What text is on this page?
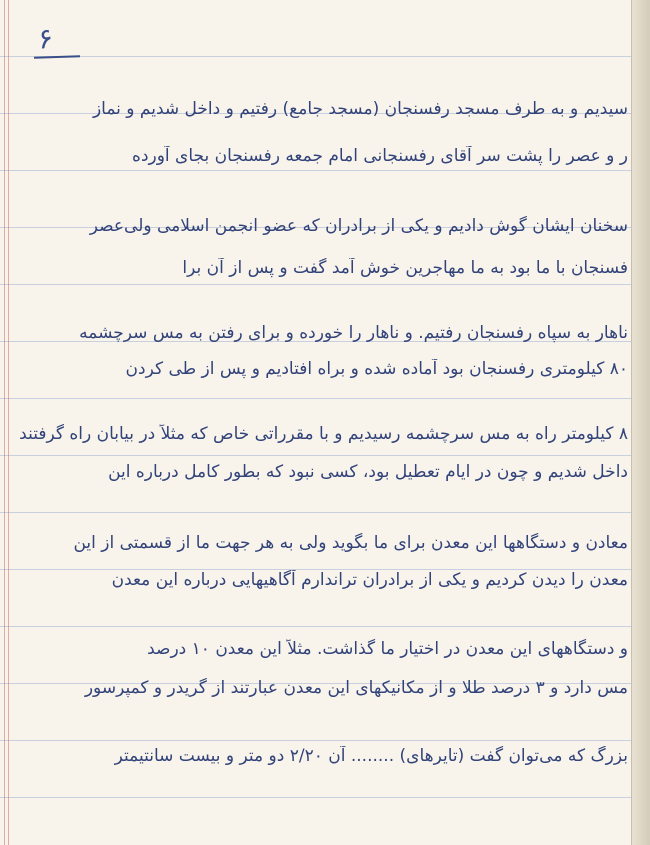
۶
سیدیم و به طرف مسجد رفسنجان (مسجد جامع) رفتیم و داخل شدیم و نماز
ر و عصر را پشت سر آقای رفسنجانی امام جمعه رفسنجان بجای آورده
سخنان ایشان گوش دادیم و یکی از برادران که عضو انجمن اسلامی ولی‌عصر
فسنجان با ما بود به ما مهاجرین خوش آمد گفت و پس از آن برا
ناهار به سپاه رفسنجان رفتیم. و ناهار را خورده و برای رفتن به مس سرچشمه
۸۰ کیلومتری رفسنجان بود آماده شده و براه افتادیم و پس از طی کردن
۸ کیلومتر راه به مس سرچشمه رسیدیم و با مقرراتی خاص که مثلاً در بیابان راه گرفتند
داخل شدیم و چون در ایام تعطیل بود، کسی نبود که بطور کامل درباره این
معادن و دستگاهها این معدن برای ما بگوید ولی به هر جهت ما از قسمتی از این
معدن را دیدن کردیم و یکی از برادران تراندارم آگاهیهایی درباره این معدن
و دستگاههای این معدن در اختیار ما گذاشت. مثلاً این معدن ۱۰ درصد
مس دارد و ۳ درصد طلا و از مکانیکهای این معدن عبارتند از گریدر و کمپرسور
بزرگ که می‌توان گفت (تایرهای) ........ آن ۲/۲۰ دو متر و بیست سانتیمتر
